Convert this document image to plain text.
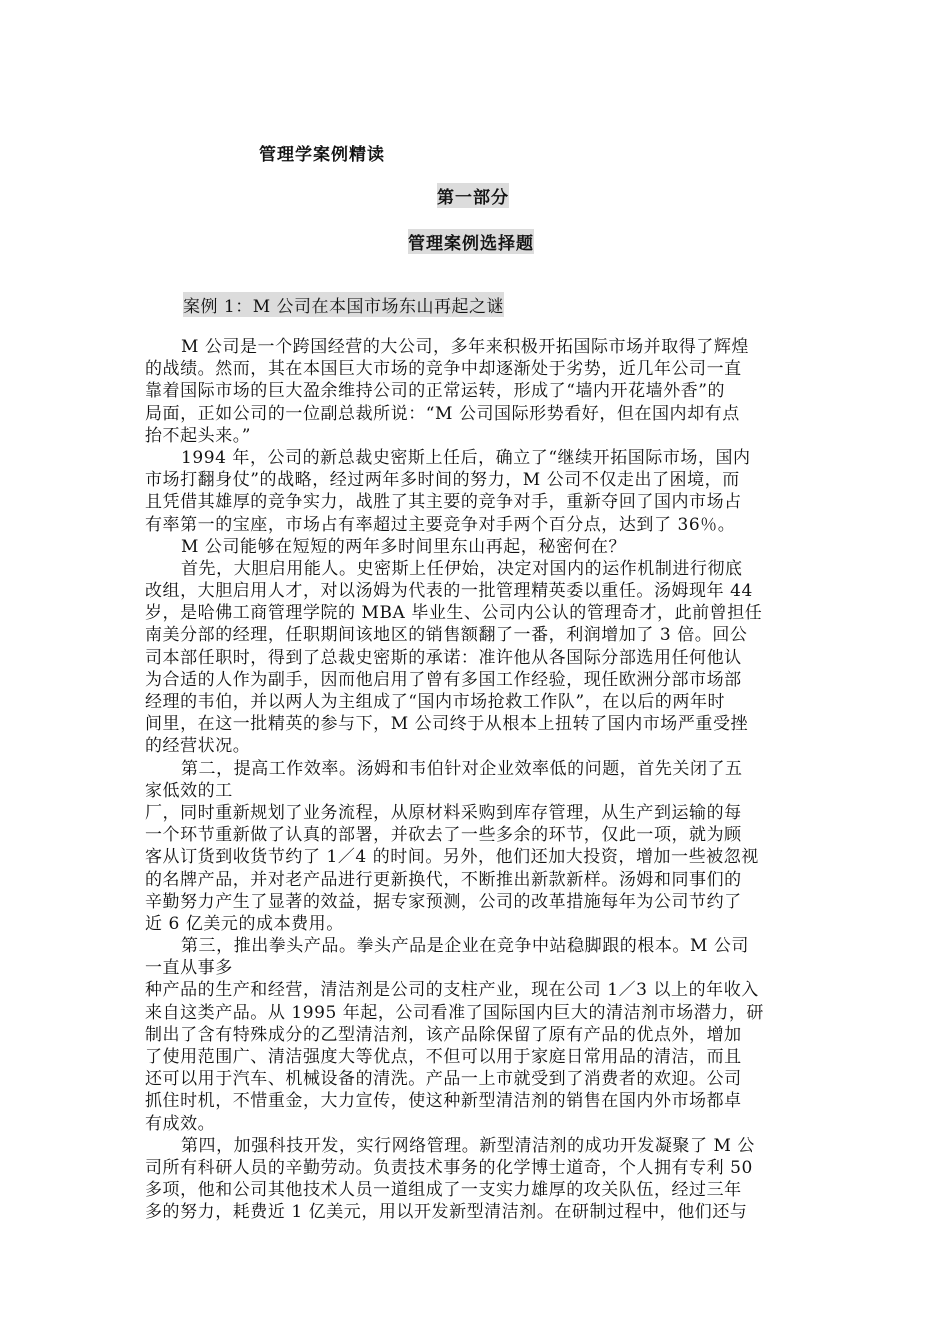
管理学案例精读
第一部分
管理案例选择题
案例 1：M 公司在本国市场东山再起之谜
M 公司是一个跨国经营的大公司，多年来积极开拓国际市场并取得了辉煌
的战绩。然而，其在本国巨大市场的竞争中却逐渐处于劣势，近几年公司一直
靠着国际市场的巨大盈余维持公司的正常运转，形成了“墙内开花墙外香”的
局面，正如公司的一位副总裁所说：“M 公司国际形势看好，但在国内却有点
抬不起头来。”
1994 年，公司的新总裁史密斯上任后，确立了“继续开拓国际市场，国内
市场打翻身仗”的战略，经过两年多时间的努力，M 公司不仅走出了困境，而
且凭借其雄厚的竞争实力，战胜了其主要的竞争对手，重新夺回了国内市场占
有率第一的宝座，市场占有率超过主要竞争对手两个百分点，达到了 36％。
M 公司能够在短短的两年多时间里东山再起，秘密何在？
首先，大胆启用能人。史密斯上任伊始，决定对国内的运作机制进行彻底
改组，大胆启用人才，对以汤姆为代表的一批管理精英委以重任。汤姆现年 44
岁，是哈佛工商管理学院的 MBA 毕业生、公司内公认的管理奇才，此前曾担任
南美分部的经理，任职期间该地区的销售额翻了一番，利润增加了 3 倍。回公
司本部任职时，得到了总裁史密斯的承诺：准许他从各国际分部选用任何他认
为合适的人作为副手，因而他启用了曾有多国工作经验，现任欧洲分部市场部
经理的韦伯，并以两人为主组成了“国内市场抢救工作队”，在以后的两年时
间里，在这一批精英的参与下，M 公司终于从根本上扭转了国内市场严重受挫
的经营状况。
第二，提高工作效率。汤姆和韦伯针对企业效率低的问题，首先关闭了五
家低效的工
厂，同时重新规划了业务流程，从原材料采购到库存管理，从生产到运输的每
一个环节重新做了认真的部署，并砍去了一些多余的环节，仅此一项，就为顾
客从订货到收货节约了 1／4 的时间。另外，他们还加大投资，增加一些被忽视
的名牌产品，并对老产品进行更新换代，不断推出新款新样。汤姆和同事们的
辛勤努力产生了显著的效益，据专家预测，公司的改革措施每年为公司节约了
近 6 亿美元的成本费用。
第三，推出拳头产品。拳头产品是企业在竞争中站稳脚跟的根本。M 公司
一直从事多
种产品的生产和经营，清洁剂是公司的支柱产业，现在公司 1／3 以上的年收入
来自这类产品。从 1995 年起，公司看准了国际国内巨大的清洁剂市场潜力，研
制出了含有特殊成分的乙型清洁剂，该产品除保留了原有产品的优点外，增加
了使用范围广、清洁强度大等优点，不但可以用于家庭日常用品的清洁，而且
还可以用于汽车、机械设备的清洗。产品一上市就受到了消费者的欢迎。公司
抓住时机，不惜重金，大力宣传，使这种新型清洁剂的销售在国内外市场都卓
有成效。
第四，加强科技开发，实行网络管理。新型清洁剂的成功开发凝聚了 M 公
司所有科研人员的辛勤劳动。负责技术事务的化学博士道奇，个人拥有专利 50
多项，他和公司其他技术人员一道组成了一支实力雄厚的攻关队伍，经过三年
多的努力，耗费近 1 亿美元，用以开发新型清洁剂。在研制过程中，他们还与
